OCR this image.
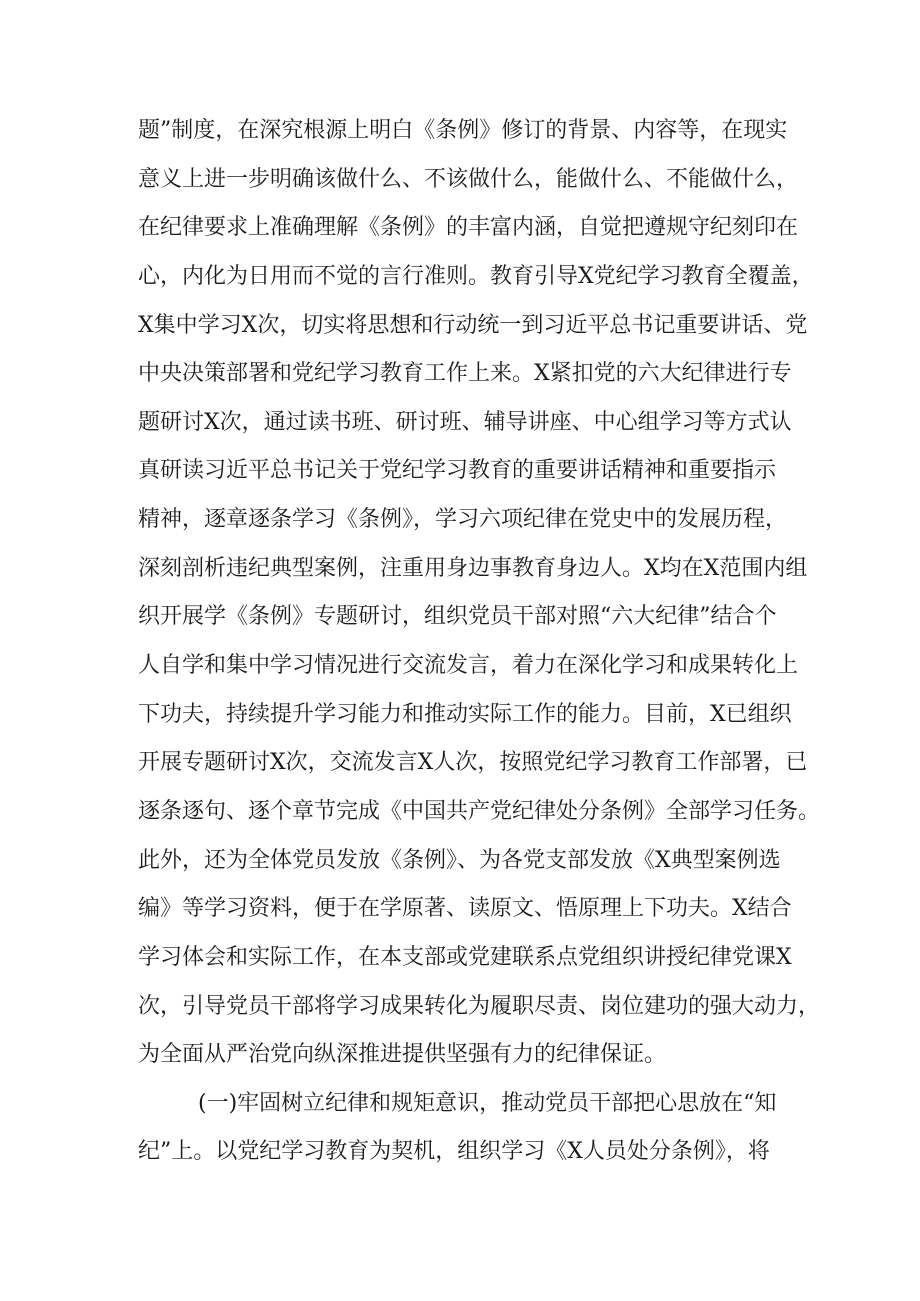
题”制度，在深究根源上明白《条例》修订的背景、内容等，在现实
意义上进一步明确该做什么、不该做什么，能做什么、不能做什么，
在纪律要求上准确理解《条例》的丰富内涵，自觉把遵规守纪刻印在
心，内化为日用而不觉的言行准则。教育引导X党纪学习教育全覆盖，
X集中学习X次，切实将思想和行动统一到习近平总书记重要讲话、党
中央决策部署和党纪学习教育工作上来。X紧扣党的六大纪律进行专
题研讨X次，通过读书班、研讨班、辅导讲座、中心组学习等方式认
真研读习近平总书记关于党纪学习教育的重要讲话精神和重要指示
精神，逐章逐条学习《条例》，学习六项纪律在党史中的发展历程，
深刻剖析违纪典型案例，注重用身边事教育身边人。X均在X范围内组
织开展学《条例》专题研讨，组织党员干部对照“六大纪律”结合个
人自学和集中学习情况进行交流发言，着力在深化学习和成果转化上
下功夫，持续提升学习能力和推动实际工作的能力。目前，X已组织
开展专题研讨X次，交流发言X人次，按照党纪学习教育工作部署，已
逐条逐句、逐个章节完成《中国共产党纪律处分条例》全部学习任务。
此外，还为全体党员发放《条例》、为各党支部发放《X典型案例选
编》等学习资料，便于在学原著、读原文、悟原理上下功夫。X结合
学习体会和实际工作，在本支部或党建联系点党组织讲授纪律党课X
次，引导党员干部将学习成果转化为履职尽责、岗位建功的强大动力，
为全面从严治党向纵深推进提供坚强有力的纪律保证。
(一)牢固树立纪律和规矩意识，推动党员干部把心思放在“知
纪”上。以党纪学习教育为契机，组织学习《X人员处分条例》，将
